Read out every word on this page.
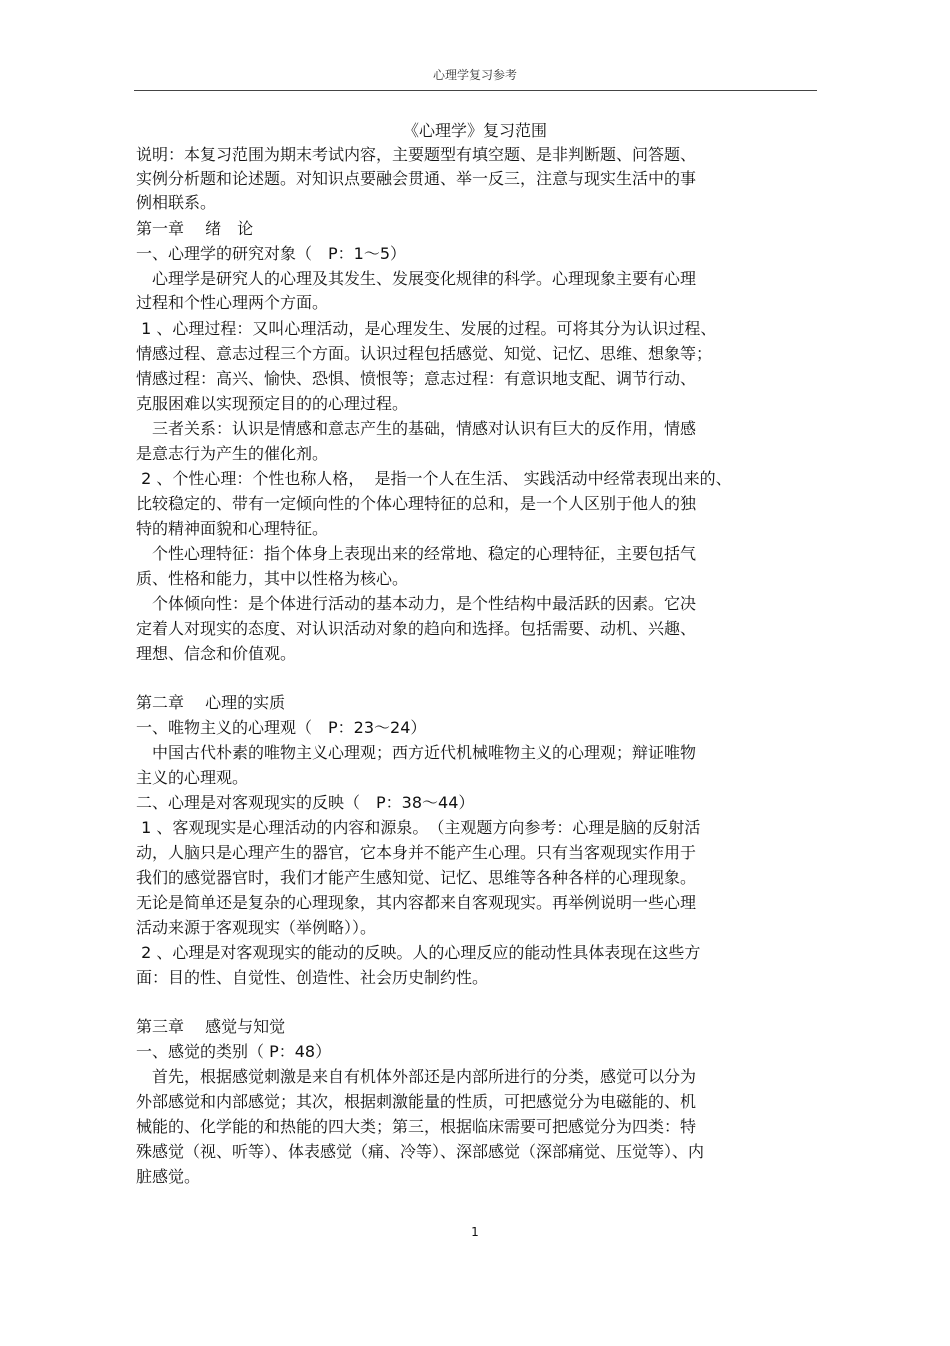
心理学复习参考
《心理学》复习范围
说明：本复习范围为期末考试内容，主要题型有填空题、是非判断题、问答题、
实例分析题和论述题。对知识点要融会贯通、举一反三，注意与现实生活中的事
例相联系。
第一章　 绪　论
一、心理学的研究对象（　P：1～5）
　心理学是研究人的心理及其发生、发展变化规律的科学。心理现象主要有心理
过程和个性心理两个方面。
1 、心理过程：又叫心理活动，是心理发生、发展的过程。可将其分为认识过程、
情感过程、意志过程三个方面。认识过程包括感觉、知觉、记忆、思维、想象等；
情感过程：高兴、愉快、恐惧、愤恨等；意志过程：有意识地支配、调节行动、
克服困难以实现预定目的的心理过程。
　三者关系：认识是情感和意志产生的基础，情感对认识有巨大的反作用，情感
是意志行为产生的催化剂。
2 、个性心理：个性也称人格，  是指一个人在生活、 实践活动中经常表现出来的、
比较稳定的、带有一定倾向性的个体心理特征的总和，是一个人区别于他人的独
特的精神面貌和心理特征。
　个性心理特征：指个体身上表现出来的经常地、稳定的心理特征，主要包括气
质、性格和能力，其中以性格为核心。
　个体倾向性：是个体进行活动的基本动力，是个性结构中最活跃的因素。它决
定着人对现实的态度、对认识活动对象的趋向和选择。包括需要、动机、兴趣、
理想、信念和价值观。
第二章　 心理的实质
一、唯物主义的心理观（　P：23～24）
　中国古代朴素的唯物主义心理观；西方近代机械唯物主义的心理观；辩证唯物
主义的心理观。
二、心理是对客观现实的反映（　P：38～44）
1 、客观现实是心理活动的内容和源泉。　（主观题方向参考：心理是脑的反射活
动，人脑只是心理产生的器官，它本身并不能产生心理。只有当客观现实作用于
我们的感觉器官时，我们才能产生感知觉、记忆、思维等各种各样的心理现象。
无论是简单还是复杂的心理现象，其内容都来自客观现实。再举例说明一些心理
活动来源于客观现实（举例略））。
2 、心理是对客观现实的能动的反映。人的心理反应的能动性具体表现在这些方
面：目的性、自觉性、创造性、社会历史制约性。
第三章　 感觉与知觉
一、感觉的类别（ P：48）
　首先，根据感觉刺激是来自有机体外部还是内部所进行的分类，感觉可以分为
外部感觉和内部感觉；其次，根据刺激能量的性质，可把感觉分为电磁能的、机
械能的、化学能的和热能的四大类；第三，根据临床需要可把感觉分为四类：特
殊感觉（视、听等）、体表感觉（痛、冷等）、深部感觉（深部痛觉、压觉等）、内
脏感觉。
1
